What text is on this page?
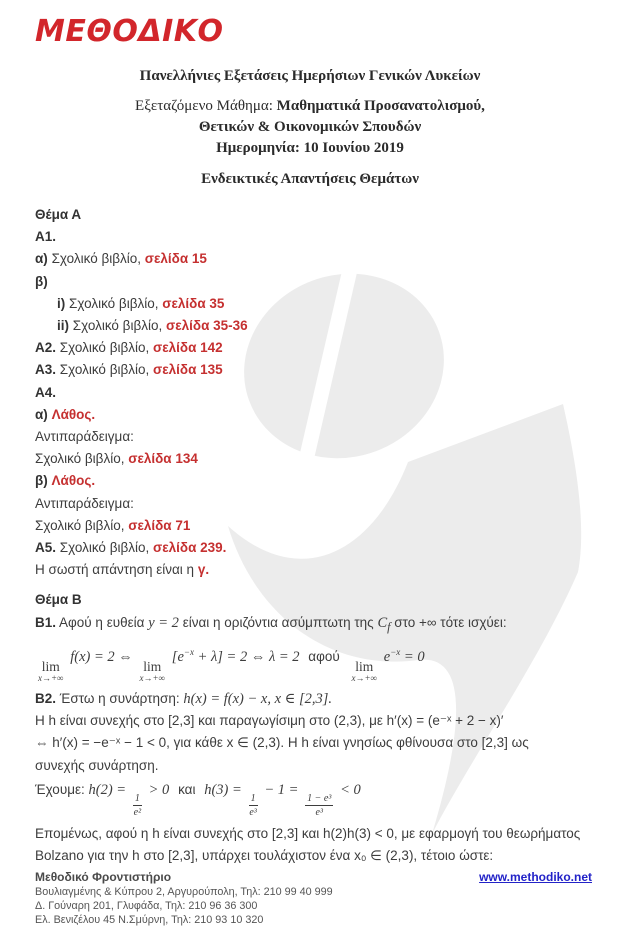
ΜΕΘΟΔΙΚΟ

Πανελλήνιες Εξετάσεις Ημερήσιων Γενικών Λυκείων

Εξεταζόμενο Μάθημα: Μαθηματικά Προσανατολισμού,

Θετικών & Οικονομικών Σπουδών

Ημερομηνία: 10 Ιουνίου 2019

Ενδεικτικές Απαντήσεις Θεμάτων

Θέμα Α

Α1.

α) Σχολικό βιβλίο, σελίδα 15

β)

i) Σχολικό βιβλίο, σελίδα 35

ii) Σχολικό βιβλίο, σελίδα 35-36

Α2. Σχολικό βιβλίο, σελίδα 142

Α3. Σχολικό βιβλίο, σελίδα 135

Α4.

α) Λάθος.

Αντιπαράδειγμα:

Σχολικό βιβλίο, σελίδα 134

β) Λάθος.

Αντιπαράδειγμα:

Σχολικό βιβλίο, σελίδα 71

Α5. Σχολικό βιβλίο, σελίδα 239.

Η σωστή απάντηση είναι η γ.

Θέμα Β

Β1. Αφού η ευθεία y = 2 είναι η οριζόντια ασύμπτωτη της $C_f$ στο +∞ τότε ισχύει:

lim
x→+∞
f(x) = 2 ⇔
lim
x→+∞
$[e^{-x} + \lambda] = 2$ ⇔ λ = 2 αφού
lim
x→+∞
$e^{-x} = 0$

Β2. Έστω η συνάρτηση: h(x) = f(x) − x, x ∈ [2,3].

Η h είναι συνεχής στο [2,3] και παραγωγίσιμη στο (2,3), με h′(x) = (e⁻ˣ + 2 − x)′

⇔ h′(x) = −e⁻ˣ − 1 < 0, για κάθε x ∈ (2,3). Η h είναι γνησίως φθίνουσα στο [2,3] ως

συνεχής συνάρτηση.

Έχουμε: h(2) =
$\frac{1}{\text{e²}}$
> 0 και h(3) =
$\frac{1}{\text{e³}}$
− 1 =
$\frac{\text{1 − e³}}{\text{e³}}$
< 0

Επομένως, αφού η h είναι συνεχής στο [2,3] και h(2)h(3) < 0, με εφαρμογή του θεωρήματος

Bolzano για την h στο [2,3], υπάρχει τουλάχιστον ένα x₀ ∈ (2,3), τέτοιο ώστε:

Μεθοδικό Φροντιστήριο	www.methodiko.net

Βουλιαγμένης & Κύπρου 2, Αργυρούπολη, Τηλ: 210 99 40 999

Δ. Γούναρη 201, Γλυφάδα, Τηλ: 210 96 36 300

Ελ. Βενιζέλου 45 Ν.Σμύρνη, Τηλ: 210 93 10 320
